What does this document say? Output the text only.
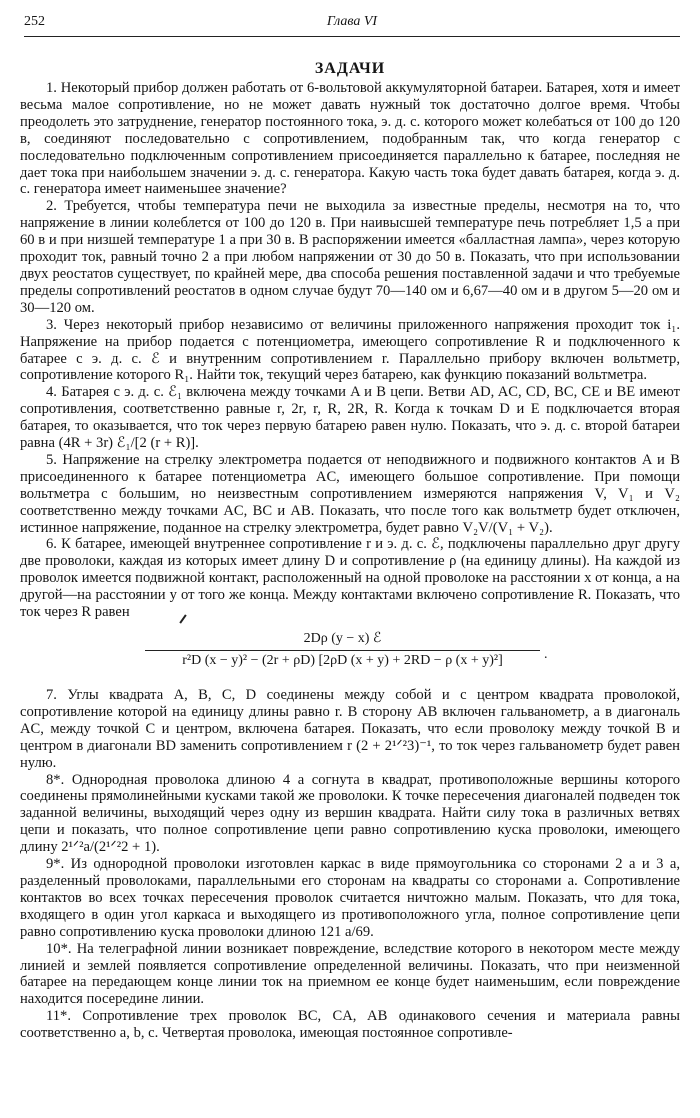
252	Глава VI
ЗАДАЧИ

1. Некоторый прибор должен работать от 6-вольтовой аккумуляторной батареи. Батарея, хотя и имеет весьма малое сопротивление, но не может давать нужный ток достаточно долгое время. Чтобы преодолеть это затруднение, генератор постоянного тока, э. д. с. которого может колебаться от 100 до 120 в, соединяют последовательно с сопротивлением, подобранным так, что когда генератор с последовательно подключенным сопротивлением присоединяется параллельно к батарее, последняя не дает тока при наибольшем значении э. д. с. генератора. Какую часть тока будет давать батарея, когда э. д. с. генератора имеет наименьшее значение?

2. Требуется, чтобы температура печи не выходила за известные пределы, несмотря на то, что напряжение в линии колеблется от 100 до 120 в. При наивысшей температуре печь потребляет 1,5 а при 60 в и при низшей температуре 1 а при 30 в. В распоряжении имеется «балластная лампа», через которую проходит ток, равный точно 2 а при любом напряжении от 30 до 50 в. Показать, что при использовании двух реостатов существует, по крайней мере, два способа решения поставленной задачи и что требуемые пределы сопротивлений реостатов в одном случае будут 70—140 ом и 6,67—40 ом и в другом 5—20 ом и 30—120 ом.

3. Через некоторый прибор независимо от величины приложенного напряжения проходит ток i₁. Напряжение на прибор подается с потенциометра, имеющего сопротивление R и подключенного к батарее с э. д. с. ℰ и внутренним сопротивлением r. Параллельно прибору включен вольтметр, сопротивление которого R₁. Найти ток, текущий через батарею, как функцию показаний вольтметра.

4. Батарея с э. д. с. ℰ₁ включена между точками A и B цепи. Ветви AD, AC, CD, BC, CE и BE имеют сопротивления, соответственно равные r, 2r, r, R, 2R, R. Когда к точкам D и E подключается вторая батарея, то оказывается, что ток через первую батарею равен нулю. Показать, что э. д. с. второй батареи равна (4R + 3r) ℰ₁/[2 (r + R)].

5. Напряжение на стрелку электрометра подается от неподвижного и подвижного контактов A и B присоединенного к батарее потенциометра AC, имеющего большое сопротивление. При помощи вольтметра с большим, но неизвестным сопротивлением измеряются напряжения V, V₁ и V₂ соответственно между точками AC, BC и AB. Показать, что после того как вольтметр будет отключен, истинное напряжение, поданное на стрелку электрометра, будет равно V₂V/(V₁ + V₂).

6. К батарее, имеющей внутреннее сопротивление r и э. д. с. ℰ, подключены параллельно друг другу две проволоки, каждая из которых имеет длину D и сопротивление ρ (на единицу длины). На каждой из проволок имеется подвижной контакт, расположенный на одной проволоке на расстоянии x от конца, а на другой—на расстоянии y от того же конца. Между контактами включено сопротивление R. Показать, что ток через R равен

2Dρ (y − x) ℰ
r²D (x − y)² − (2r + ρD) [2ρD (x + y) + 2RD − ρ (x + y)²]	.

7. Углы квадрата A, B, C, D соединены между собой и с центром квадрата проволокой, сопротивление которой на единицу длины равно r. В сторону AB включен гальванометр, а в диагональ AC, между точкой C и центром, включена батарея. Показать, что если проволоку между точкой B и центром в диагонали BD заменить сопротивлением r (2 + 2¹ᐟ²3)⁻¹, то ток через гальванометр будет равен нулю.

8*. Однородная проволока длиною 4 a согнута в квадрат, противоположные вершины которого соединены прямолинейными кусками такой же проволоки. К точке пересечения диагоналей подведен ток заданной величины, выходящий через одну из вершин квадрата. Найти силу тока в различных ветвях цепи и показать, что полное сопротивление цепи равно сопротивлению куска проволоки, имеющего длину 2¹ᐟ²a/(2¹ᐟ²2 + 1).

9*. Из однородной проволоки изготовлен каркас в виде прямоугольника со сторонами 2 a и 3 a, разделенный проволоками, параллельными его сторонам на квадраты со сторонами a. Сопротивление контактов во всех точках пересечения проволок считается ничтожно малым. Показать, что для тока, входящего в один угол каркаса и выходящего из противоположного угла, полное сопротивление цепи равно сопротивлению куска проволоки длиною 121 a/69.

10*. На телеграфной линии возникает повреждение, вследствие которого в некотором месте между линией и землей появляется сопротивление определенной величины. Показать, что при неизменной батарее на передающем конце линии ток на приемном ее конце будет наименьшим, если повреждение находится посередине линии.

11*. Сопротивление трех проволок BC, CA, AB одинакового сечения и материала равны соответственно a, b, c. Четвертая проволока, имеющая постоянное сопротивле-
